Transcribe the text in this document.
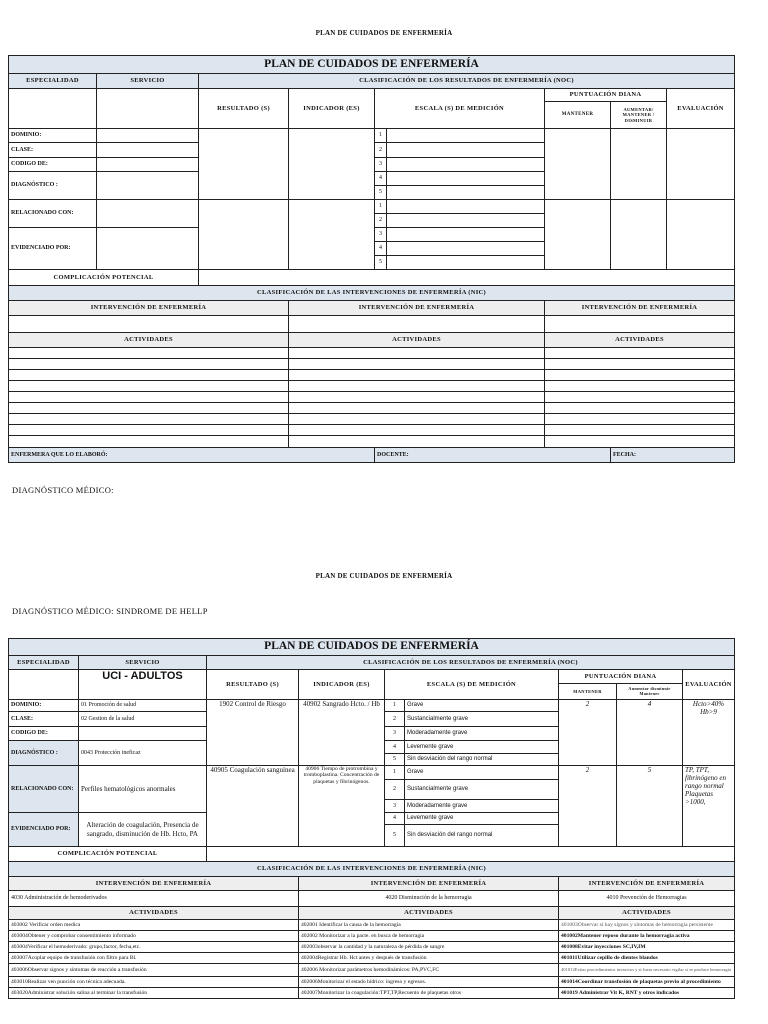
PLAN DE CUIDADOS DE ENFERMERÍA
PLAN DE CUIDADOS DE ENFERMERÍA								
ESPECIALIDAD	SERVICIO	CLASIFICACIÓN DE LOS RESULTADOS DE ENFERMERÍA (NOC)						
		RESULTADO (S)	INDICADOR (ES)	ESCALA (S) DE MEDICIÓN		PUNTUACIÓN DIANA		EVALUACIÓN
						MANTENER	AUMENTAR/ MANTENER / DISMINUIR	
DOMINIO:				1				
CLASE:				2				
CODIGO DE:				3				
DIAGNÓSTICO :				4				
				5				
RELACIONADO CON:				1				
				2				
EVIDENCIADO POR:				3				
				4				
				5				
COMPLICACIÓN POTENCIAL								
CLASIFICACIÓN DE LAS INTERVENCIONES DE ENFERMERÍA (NIC)								
INTERVENCIÓN DE ENFERMERÍA			INTERVENCIÓN DE ENFERMERÍA			INTERVENCIÓN DE ENFERMERÍA		

ACTIVIDADES			ACTIVIDADES			ACTIVIDADES		

ENFERMERA QUE LO ELABORÓ:				DOCENTE:			FECHA:	
DIAGNÓSTICO MÉDICO:
PLAN DE CUIDADOS DE ENFERMERÍA
DIAGNÓSTICO MÉDICO: SINDROME DE HELLP
PLAN DE CUIDADOS DE ENFERMERÍA								
ESPECIALIDAD	SERVICIO	CLASIFICACIÓN DE LOS RESULTADOS DE ENFERMERÍA (NOC)						
	UCI - ADULTOS	RESULTADO (S)	INDICADOR (ES)	ESCALA (S) DE MEDICIÓN		PUNTUACIÓN DIANA		EVALUACIÓN
						MANTENER	Aumentar disminuir Mantener	
DOMINIO:	01 Promoción de salud	1902 Control de Riesgo	40902 Sangrado Hcto. / Hb	1	Grave	2	4	Hcto>40% Hb>9
CLASE:	02 Gestion de la salud			2	Sustancialmente grave			
CODIGO DE:				3	Moderadamente grave			
DIAGNÓSTICO :	0043 Protección ineficaz			4	Levemente grave			
				5	Sin desviación del rango normal			
RELACIONADO CON:	Perfiles hematológicos anormales	40905 Coagulación sanguínea	40906 Tiempo de protrombina y tromboplastina. Concentración de plaquetas y fibrinógenos.	1	Grave	2	5	TP, TPT, fibrinógeno en rango normal Plaquetas >1000,
				2	Sustancialmente grave			
				3	Moderadamente grave			
EVIDENCIADO POR:	Alteración de coagulación, Presencia de sangrado, disminución de Hb. Hcto, PA			4	Levemente grave			
				5	Sin desviación del rango normal			
COMPLICACIÓN POTENCIAL								
CLASIFICACIÓN DE LAS INTERVENCIONES DE ENFERMERÍA (NIC)								
INTERVENCIÓN DE ENFERMERÍA			INTERVENCIÓN DE ENFERMERÍA			INTERVENCIÓN DE ENFERMERÍA		
4030 Administración de hemoderivados			4020 Disminución de la hemorragia			4010 Prevención de Hemorragias		
ACTIVIDADES			ACTIVIDADES			ACTIVIDADES		
403002 Verificar orden medica			402001 Identificar la causa de la hemorragia			401003Observar si hay signos y síntomas de hemorragia persistente		
403004Obtener y comprobar consentimiento informado			402002 Monitorizar a la pacte. en busca de hemorragia			401002Mantener reposo durante la hemorragia activa		
403004Verificar el hemoderivado: grupo,factor, fecha,etc.			402003observar la cantidad y la naturaleza de pérdida de sangre			401008Evitar inyecciones SC,IV,IM		
403007Acoplar equipo de transfusión con filtro para Bl.			402004Registrar Hb. Hct antes y después de transfusión			401011Utilizar cepillo de dientes blandos		
403006Observar signos y síntomas de reacción a transfusión			402006 Monitorizar parámetros hemodinámicos: PA,PVC,FC			401012Evitar procedimientos invasivos y si fuera necesario vigilar si se produce hemorragia		
403010Realizar ven punción con técnica adecuada.			402006Monitorizar el estado hídrico: ingreso y egresos.			401014Coordinar transfusión de plaquetas previo al procedimiento		
403020Administrar solución salina al terminar la transfusión			402007Monitorizar la coagulación:TPT,TP,Recuento de plaquetas otros			401019 Administrar Vit K, RNT y otros indicados		
